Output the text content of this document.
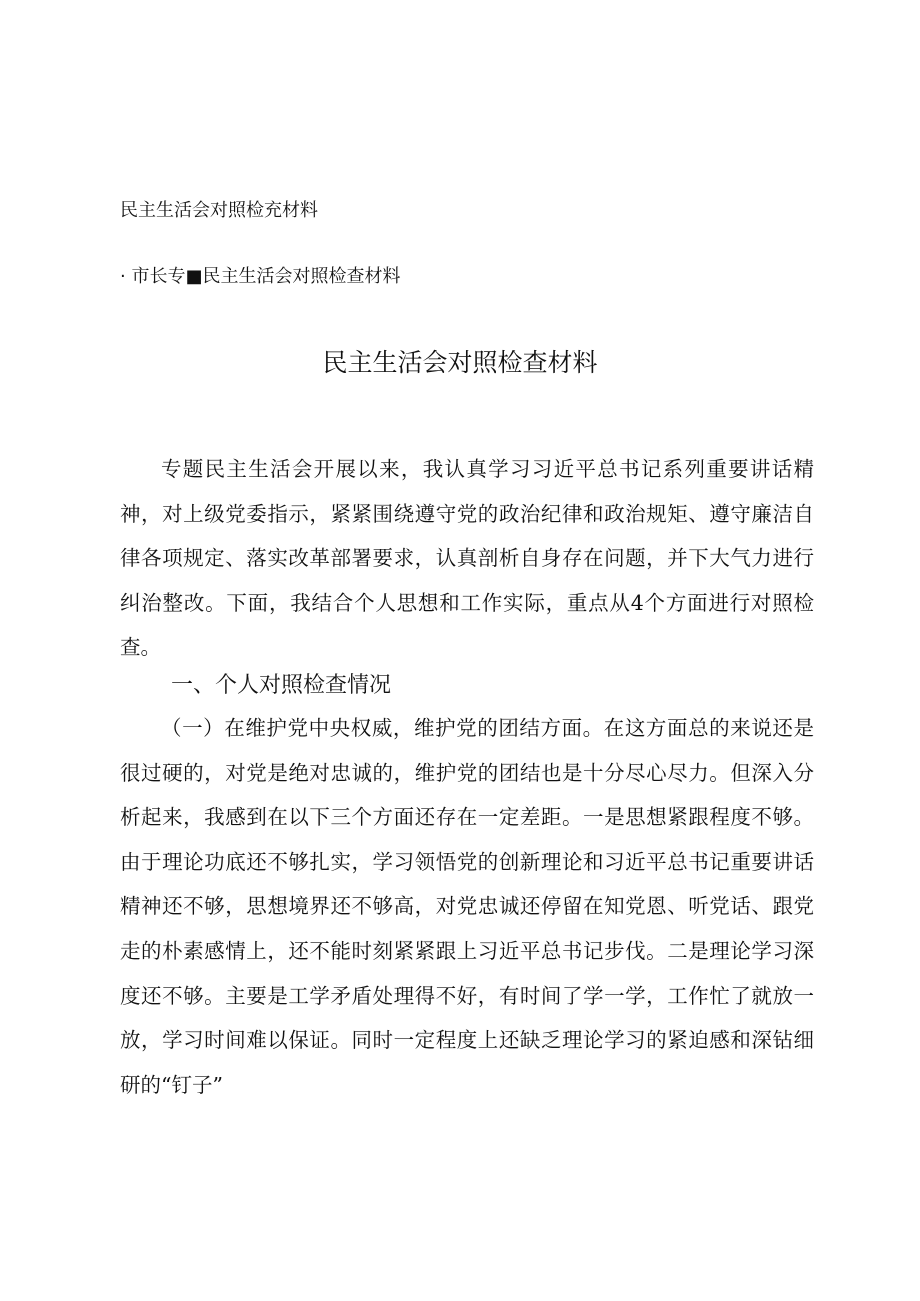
民主生活会对照检充材料
· 市长专■民主生活会对照检查材料
民主生活会对照检查材料

专题民主生活会开展以来，我认真学习习近平总书记系列重要讲话精神，对上级党委指示，紧紧围绕遵守党的政治纪律和政治规矩、遵守廉洁自律各项规定、落实改革部署要求，认真剖析自身存在问题，并下大气力进行纠治整改。下面，我结合个人思想和工作实际，重点从4个方面进行对照检查。

一、个人对照检查情况

（一）在维护党中央权威，维护党的团结方面。在这方面总的来说还是很过硬的，对党是绝对忠诚的，维护党的团结也是十分尽心尽力。但深入分析起来，我感到在以下三个方面还存在一定差距。一是思想紧跟程度不够。由于理论功底还不够扎实，学习领悟党的创新理论和习近平总书记重要讲话精神还不够，思想境界还不够高，对党忠诚还停留在知党恩、听党话、跟党走的朴素感情上，还不能时刻紧紧跟上习近平总书记步伐。二是理论学习深度还不够。主要是工学矛盾处理得不好，有时间了学一学，工作忙了就放一放，学习时间难以保证。同时一定程度上还缺乏理论学习的紧迫感和深钻细研的“钉子”
